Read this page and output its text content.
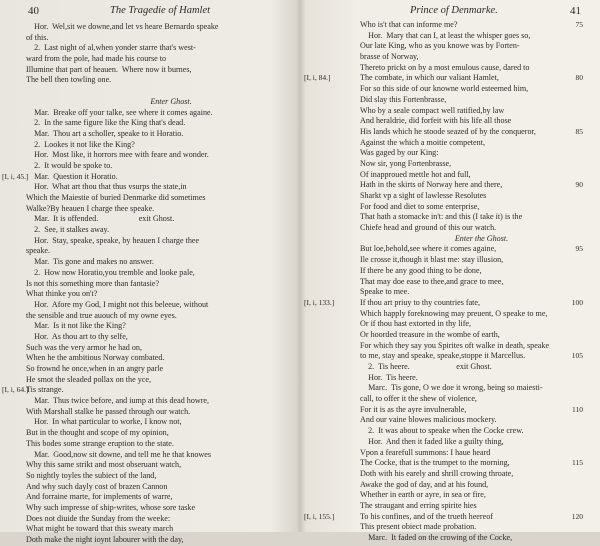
40	The Tragedie of Hamlet
Hor.  Wel,sit we downe,and let vs heare Bernardo speake
of this.
2.  Last night of al,when yonder starre that's west-
ward from the pole, had made his course to
Illumine that part of heauen.  Where now it burnes,
The bell then towling one.
Enter Ghost.
Mar.  Breake off your talke, see where it comes againe.
2.  In the same figure like the King that's dead.
Mar.  Thou art a scholler, speake to it Horatio.
2.  Lookes it not like the King?
Hor.  Most like, it horrors mee with feare and wonder.
2.  It would be spoke to.
[I, i, 45.]
Mar.  Question it Horatio.
Hor.  What art thou that thus vsurps the state,in
Which the Maiestie of buried Denmarke did sometimes
Walke?By heauen I charge thee speake.
Mar.  It is offended.                    exit Ghost.
2.  See, it stalkes away.
Hor.  Stay, speake, speake, by heauen I charge thee
speake.
Mar.  Tis gone and makes no answer.
2.  How now Horatio,you tremble and looke pale,
Is not this something more than fantasie?
What thinke you on't?
Hor.  Afore my God, I might not this beleeue, without
the sensible and true auouch of my owne eyes.
Mar.  Is it not like the King?
Hor.  As thou art to thy selfe,
Such was the very armor he had on,
When he the ambitious Norway combated.
So frownd he once,when in an angry parle
He smot the sleaded pollax on the yce,
[I, i, 64.]
Tis strange.
Mar.  Thus twice before, and iump at this dead howre,
With Marshall stalke he passed through our watch.
Hor.  In what particular to worke, I know not,
But in the thought and scope of my opinion,
This bodes some strange eruption to the state.
Mar.  Good,now sit downe, and tell me he that knowes
Why this same strikt and most obseruant watch,
So nightly toyles the subiect of the land,
And why such dayly cost of brazen Cannon
And forraine marte, for implements of warre,
Why such impresse of ship-writes, whose sore taske
Does not diuide the Sunday from the weeke:
What might be toward that this sweaty march
Doth make the night ioynt labourer with the day,
41
Prince of Denmarke.
Who is't that can informe me?	75
Hor.  Mary that can I, at least the whisper goes so,
Our late King, who as you knowe was by Forten-
brasse of Norway,
Thereto prickt on by a most emulous cause, dared to
[I, i, 84.]	The combate, in which our valiant Hamlet,	80
For so this side of our knowne world esteemed him,
Did slay this Fortenbrasse,
Who by a seale compact well ratified,by law
And heraldrie, did forfeit with his life all those
His lands which he stoode seazed of by the conqueror,	85
Against the which a moitie competent,
Was gaged by our King:
Now sir, yong Fortenbrasse,
Of inapproued mettle hot and full,
Hath in the skirts of Norway here and there,	90
Sharkt vp a sight of lawlesse Resolutes
For food and diet to some enterprise,
That hath a stomacke in't: and this (I take it) is the
Chiefe head and ground of this our watch.
Enter the Ghost.
But loe,behold,see where it comes againe,	95
Ile crosse it,though it blast me: stay illusion,
If there be any good thing to be done,
That may doe ease to thee,and grace to mee,
Speake to mee.
[I, i, 133.]	If thou art priuy to thy countries fate,	100
Which happly foreknowing may preuent, O speake to me,
Or if thou hast extorted in thy life,
Or hoorded treasure in the wombe of earth,
For which they say you Spirites oft walke in death, speake
to me, stay and speake, speake,stoppe it Marcellus.	105
2.  Tis heere.                       exit Ghost.
Hor.  Tis heere.
Marc.  Tis gone, O we doe it wrong, being so maiesti-
call, to offer it the shew of violence,
For it is as the ayre invulnerable,	110
And our vaine blowes malicious mockery.
2.  It was about to speake when the Cocke crew.
Hor.  And then it faded like a guilty thing,
Vpon a fearefull summons: I haue heard
The Cocke, that is the trumpet to the morning,	115
Doth with his earely and shrill crowing throate,
Awake the god of day, and at his found,
Whether in earth or ayre, in sea or fire,
The straugant and erring spirite hies
[I, i, 155.]	To his confines, and of the trueth heereof	120
This present obiect made probation.
Marc.  It faded on the crowing of the Cocke,
